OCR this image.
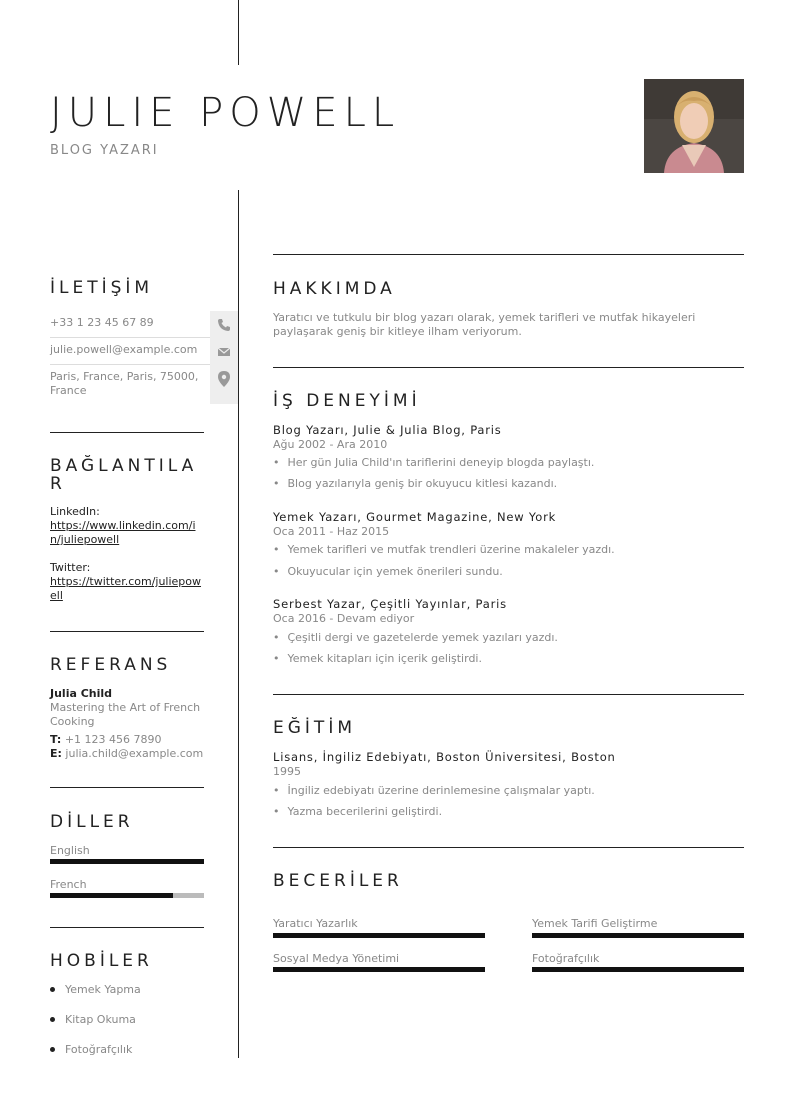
JULIE POWELL
BLOG YAZARI
İLETİŞİM
+33 1 23 45 67 89
julie.powell@example.com
Paris, France, Paris, 75000, France
BAĞLANTILA R
LinkedIn:
https://www.linkedin.com/in/juliepowell
Twitter:
https://twitter.com/juliepowell
REFERANS
Julia Child
Mastering the Art of French Cooking
T: +1 123 456 7890
E: julia.child@example.com
DİLLER
English
French
HOBİLER
Yemek Yapma
Kitap Okuma
Fotoğrafçılık
HAKKIMDA
Yaratıcı ve tutkulu bir blog yazarı olarak, yemek tarifleri ve mutfak hikayeleri paylaşarak geniş bir kitleye ilham veriyorum.
İŞ DENEYİMİ
Blog Yazarı, Julie & Julia Blog, Paris
Ağu 2002 - Ara 2010
• Her gün Julia Child'ın tariflerini deneyip blogda paylaştı.
• Blog yazılarıyla geniş bir okuyucu kitlesi kazandı.
Yemek Yazarı, Gourmet Magazine, New York
Oca 2011 - Haz 2015
• Yemek tarifleri ve mutfak trendleri üzerine makaleler yazdı.
• Okuyucular için yemek önerileri sundu.
Serbest Yazar, Çeşitli Yayınlar, Paris
Oca 2016 - Devam ediyor
• Çeşitli dergi ve gazetelerde yemek yazıları yazdı.
• Yemek kitapları için içerik geliştirdi.
EĞİTİM
Lisans, İngiliz Edebiyatı, Boston Üniversitesi, Boston
1995
• İngiliz edebiyatı üzerine derinlemesine çalışmalar yaptı.
• Yazma becerilerini geliştirdi.
BECERİLER
Yaratıcı Yazarlık	Yemek Tarifi Geliştirme
Sosyal Medya Yönetimi	Fotoğrafçılık
